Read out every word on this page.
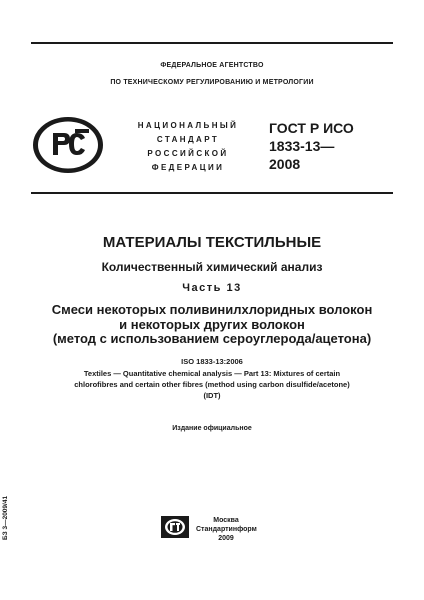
ФЕДЕРАЛЬНОЕ АГЕНТСТВО
ПО ТЕХНИЧЕСКОМУ РЕГУЛИРОВАНИЮ И МЕТРОЛОГИИ
НАЦИОНАЛЬНЫЙ
СТАНДАРТ
РОССИЙСКОЙ
ФЕДЕРАЦИИ
ГОСТ Р ИСО
1833-13—
2008
МАТЕРИАЛЫ ТЕКСТИЛЬНЫЕ
Количественный химический анализ
Часть 13
Смеси некоторых поливинилхлоридных волокон
и некоторых других волокон
(метод с использованием сероуглерода/ацетона)
ISO 1833-13:2006
Textiles — Quantitative chemical analysis — Part 13: Mixtures of certain
chlorofibres and certain other fibres (method using carbon disulfide/acetone)
(IDT)
Издание официальное
БЗ 3—2009/41	Москва
Стандартинформ
2009
